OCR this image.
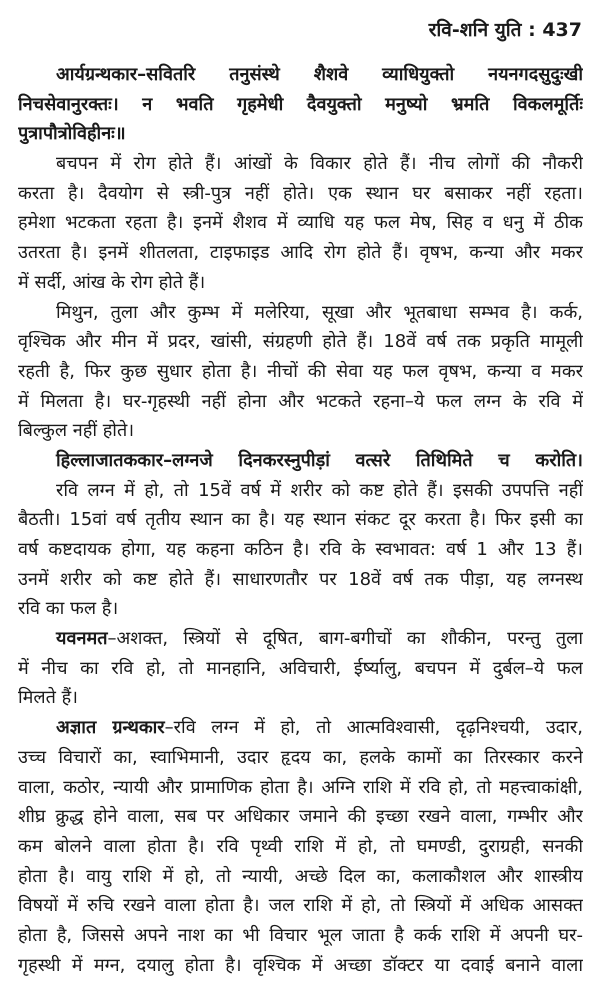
रवि-शनि युति : 437
आर्यग्रन्थकार–सवितरि तनुसंस्थे शैशवे व्याधियुक्तो नयनगदसुदुःखी
निचसेवानुरक्तः। न भवति गृहमेधी दैवयुक्तो मनुष्यो भ्रमति विकलमूर्तिः
पुत्रापौत्रोविहीनः॥
बचपन में रोग होते हैं। आंखों के विकार होते हैं। नीच लोगों की नौकरी
करता है। दैवयोग से स्त्री-पुत्र नहीं होते। एक स्थान घर बसाकर नहीं रहता।
हमेशा भटकता रहता है। इनमें शैशव में व्याधि यह फल मेष, सिह व धनु में ठीक
उतरता है। इनमें शीतलता, टाइफाइड आदि रोग होते हैं। वृषभ, कन्या और मकर
में सर्दी, आंख के रोग होते हैं।
मिथुन, तुला और कुम्भ में मलेरिया, सूखा और भूतबाधा सम्भव है। कर्क,
वृश्चिक और मीन में प्रदर, खांसी, संग्रहणी होते हैं। 18वें वर्ष तक प्रकृति मामूली
रहती है, फिर कुछ सुधार होता है। नीचों की सेवा यह फल वृषभ, कन्या व मकर
में मिलता है। घर-गृहस्थी नहीं होना और भटकते रहना–ये फल लग्न के रवि में
बिल्कुल नहीं होते।
हिल्लाजातककार–लग्नजे दिनकरस्नुपीड़ां वत्सरे तिथिमिते च करोति।
रवि लग्न में हो, तो 15वें वर्ष में शरीर को कष्ट होते हैं। इसकी उपपत्ति नहीं
बैठती। 15वां वर्ष तृतीय स्थान का है। यह स्थान संकट दूर करता है। फिर इसी का
वर्ष कष्टदायक होगा, यह कहना कठिन है। रवि के स्वभावत: वर्ष 1 और 13 हैं।
उनमें शरीर को कष्ट होते हैं। साधारणतौर पर 18वें वर्ष तक पीड़ा, यह लग्नस्थ
रवि का फल है।
यवनमत–अशक्त, स्त्रियों से दूषित, बाग-बगीचों का शौकीन, परन्तु तुला
में नीच का रवि हो, तो मानहानि, अविचारी, ईर्ष्यालु, बचपन में दुर्बल–ये फल
मिलते हैं।
अज्ञात ग्रन्थकार–रवि लग्न में हो, तो आत्मविश्वासी, दृढ़निश्चयी, उदार,
उच्च विचारों का, स्वाभिमानी, उदार हृदय का, हलके कामों का तिरस्कार करने
वाला, कठोर, न्यायी और प्रामाणिक होता है। अग्नि राशि में रवि हो, तो महत्त्वाकांक्षी,
शीघ्र क्रुद्ध होने वाला, सब पर अधिकार जमाने की इच्छा रखने वाला, गम्भीर और
कम बोलने वाला होता है। रवि पृथ्वी राशि में हो, तो घमण्डी, दुराग्रही, सनकी
होता है। वायु राशि में हो, तो न्यायी, अच्छे दिल का, कलाकौशल और शास्त्रीय
विषयों में रुचि रखने वाला होता है। जल राशि में हो, तो स्त्रियों में अधिक आसक्त
होता है, जिससे अपने नाश का भी विचार भूल जाता है कर्क राशि में अपनी घर-
गृहस्थी में मग्न, दयालु होता है। वृश्चिक में अच्छा डॉक्टर या दवाई बनाने वाला
